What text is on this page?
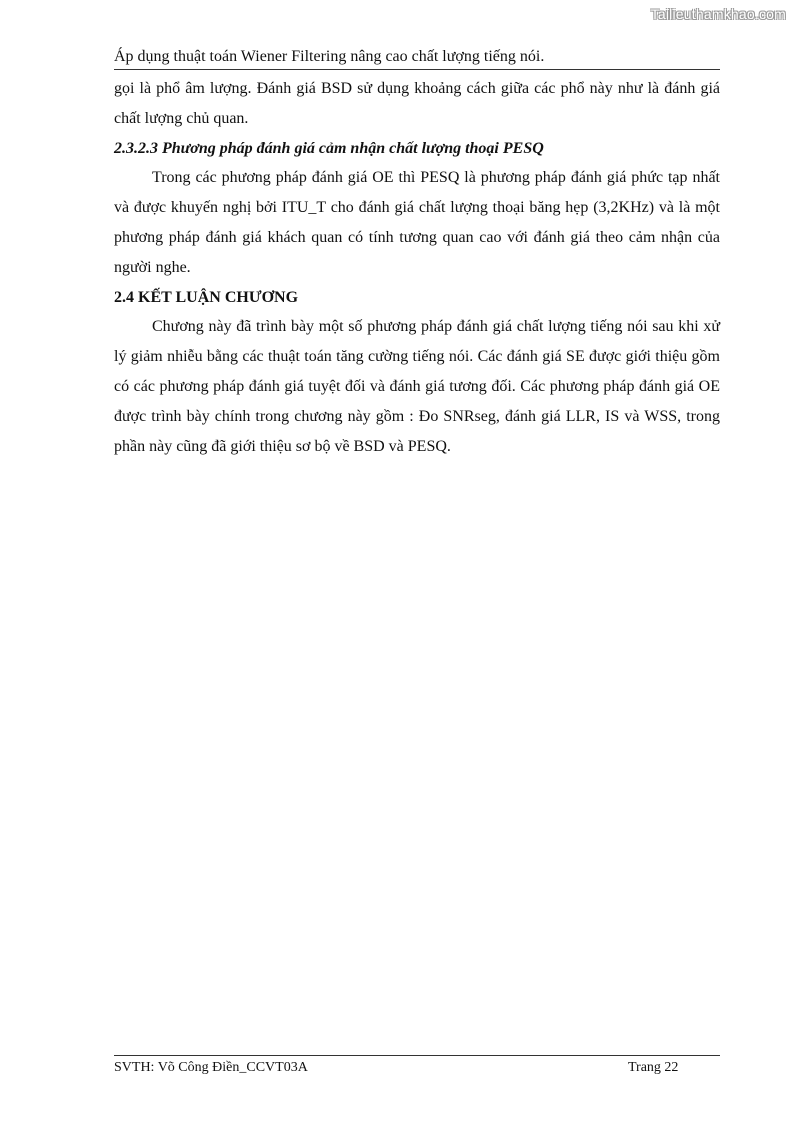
Tailieuthamkhao.com
Áp dụng thuật toán Wiener Filtering nâng cao chất lượng tiếng nói.

gọi là phổ âm lượng. Đánh giá BSD sử dụng khoảng cách giữa các phổ này như là đánh giá chất lượng chủ quan.

2.3.2.3 Phương pháp đánh giá cảm nhận chất lượng thoại PESQ

Trong các phương pháp đánh giá OE thì PESQ là phương pháp đánh giá phức tạp nhất và được khuyến nghị bởi ITU_T cho đánh giá chất lượng thoại băng hẹp (3,2KHz) và là một phương pháp đánh giá khách quan có tính tương quan cao với đánh giá theo cảm nhận của người nghe.

2.4 KẾT LUẬN CHƯƠNG

Chương này đã trình bày một số phương pháp đánh giá chất lượng tiếng nói sau khi xử lý giảm nhiễu bằng các thuật toán tăng cường tiếng nói. Các đánh giá SE được giới thiệu gồm có các phương pháp đánh giá tuyệt đối và đánh giá tương đối. Các phương pháp đánh giá OE được trình bày chính trong chương này gồm : Đo SNRseg, đánh giá LLR, IS và WSS, trong phần này cũng đã giới thiệu sơ bộ về BSD và PESQ.

SVTH: Võ Công Điền_CCVT03A	Trang 22
